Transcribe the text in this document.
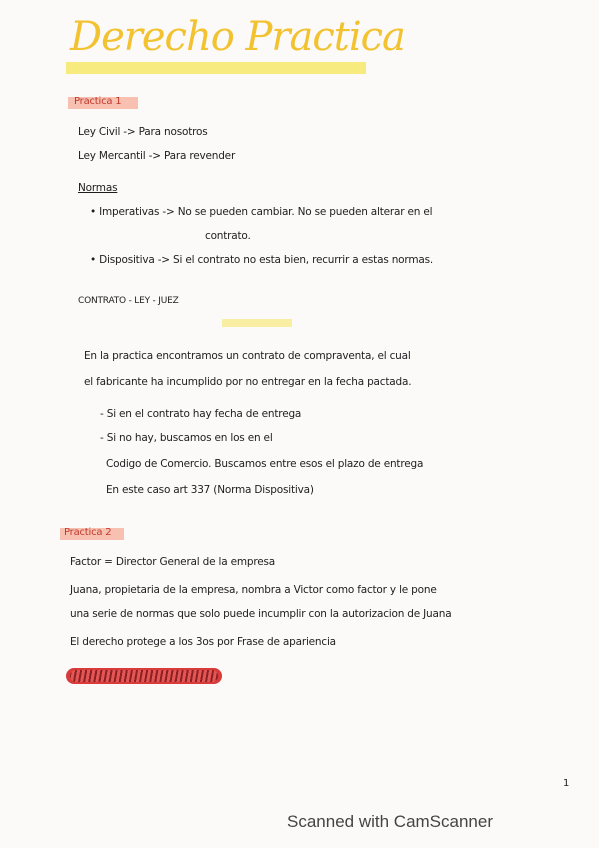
Derecho Practica
Practica 1
Ley Civil -> Para nosotros
Ley Mercantil -> Para revender
Normas
• Imperativas -> No se pueden cambiar. No se pueden alterar en el
contrato.
• Dispositiva -> Si el contrato no esta bien, recurrir a estas normas.
CONTRATO - LEY - JUEZ
En la practica encontramos un contrato de compraventa, el cual
el fabricante ha incumplido por no entregar en la fecha pactada.
- Si en el contrato hay fecha de entrega
- Si no hay, buscamos en los en el
Codigo de Comercio. Buscamos entre esos el plazo de entrega
En este caso art 337 (Norma Dispositiva)
Practica 2
Factor = Director General de la empresa
Juana, propietaria de la empresa, nombra a Victor como factor y le pone
una serie de normas que solo puede incumplir con la autorizacion de Juana
El derecho protege a los 3os por Frase de apariencia
1
Scanned with CamScanner
